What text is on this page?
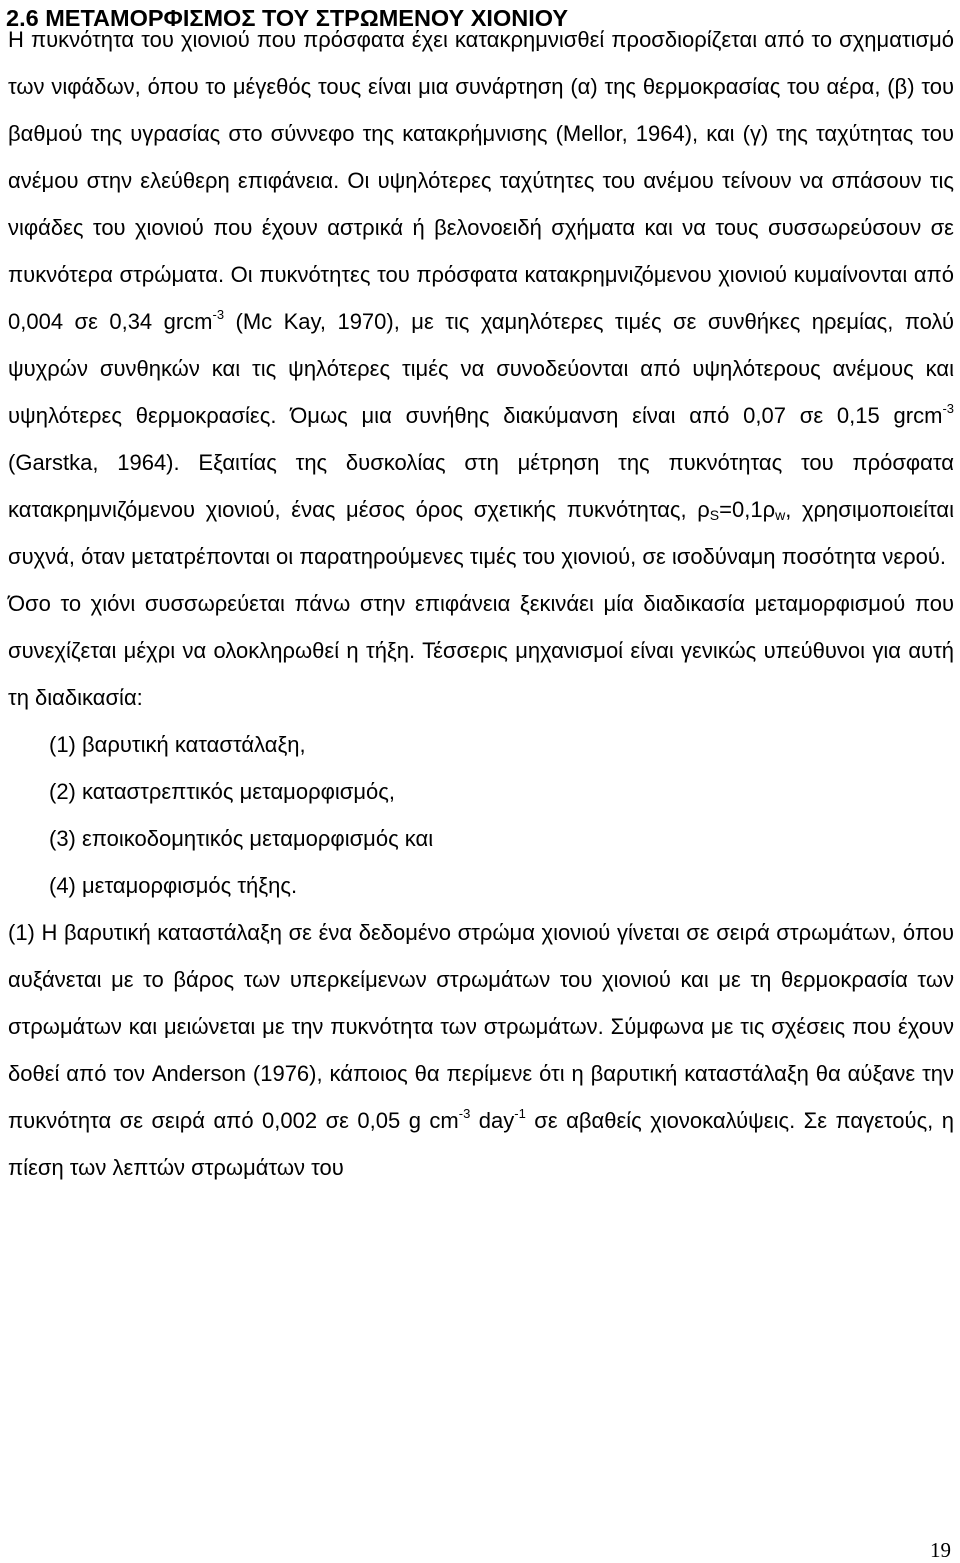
2.6 ΜΕΤΑΜΟΡΦΙΣΜΟΣ ΤΟΥ ΣΤΡΩΜΕΝΟΥ ΧΙΟΝΙΟΥ
Η πυκνότητα του χιονιού που πρόσφατα έχει κατακρημνισθεί προσδιορίζεται από το σχηματισμό των νιφάδων, όπου το μέγεθός τους είναι μια συνάρτηση (α) της θερμοκρασίας του αέρα, (β) του βαθμού της υγρασίας στο σύννεφο της κατακρήμνισης (Mellor, 1964), και (γ) της ταχύτητας του ανέμου στην ελεύθερη επιφάνεια. Οι υψηλότερες ταχύτητες του ανέμου τείνουν να σπάσουν τις νιφάδες του χιονιού που έχουν αστρικά ή βελονοειδή σχήματα και να τους συσσωρεύσουν σε πυκνότερα στρώματα. Οι πυκνότητες του πρόσφατα κατακρημνιζόμενου χιονιού κυμαίνονται από 0,004 σε 0,34 grcm$^{-3}$ (Mc Kay, 1970), με τις χαμηλότερες τιμές σε συνθήκες ηρεμίας, πολύ ψυχρών συνθηκών και τις ψηλότερες τιμές να συνοδεύονται από υψηλότερους ανέμους και υψηλότερες θερμοκρασίες. Όμως μια συνήθης διακύμανση είναι από 0,07 σε 0,15 grcm$^{-3}$ (Garstka, 1964). Εξαιτίας της δυσκολίας στη μέτρηση της πυκνότητας του πρόσφατα κατακρημνιζόμενου χιονιού, ένας μέσος όρος σχετικής πυκνότητας, $\rho_S=0,1\rho_w$, χρησιμοποιείται συχνά, όταν μετατρέπονται οι παρατηρούμενες τιμές του χιονιού, σε ισοδύναμη ποσότητα νερού.
Όσο το χιόνι συσσωρεύεται πάνω στην επιφάνεια ξεκινάει μία διαδικασία μεταμορφισμού που συνεχίζεται μέχρι να ολοκληρωθεί η τήξη. Τέσσερις μηχανισμοί είναι γενικώς υπεύθυνοι για αυτή τη διαδικασία:
(1) βαρυτική καταστάλαξη,
(2) καταστρεπτικός μεταμορφισμός,
(3) εποικοδομητικός μεταμορφισμός και
(4) μεταμορφισμός τήξης.
(1) Η βαρυτική καταστάλαξη σε ένα δεδομένο στρώμα χιονιού γίνεται σε σειρά στρωμάτων, όπου αυξάνεται με το βάρος των υπερκείμενων στρωμάτων του χιονιού και με τη θερμοκρασία των στρωμάτων και μειώνεται με την πυκνότητα των στρωμάτων. Σύμφωνα με τις σχέσεις που έχουν δοθεί από τον Anderson (1976), κάποιος θα περίμενε ότι η βαρυτική καταστάλαξη θα αύξανε την πυκνότητα σε σειρά από 0,002 σε 0,05 g $cm^{-3}$ day$^{-1}$ σε αβαθείς χιονοκαλύψεις. Σε παγετούς, η πίεση των λεπτών στρωμάτων του
19
